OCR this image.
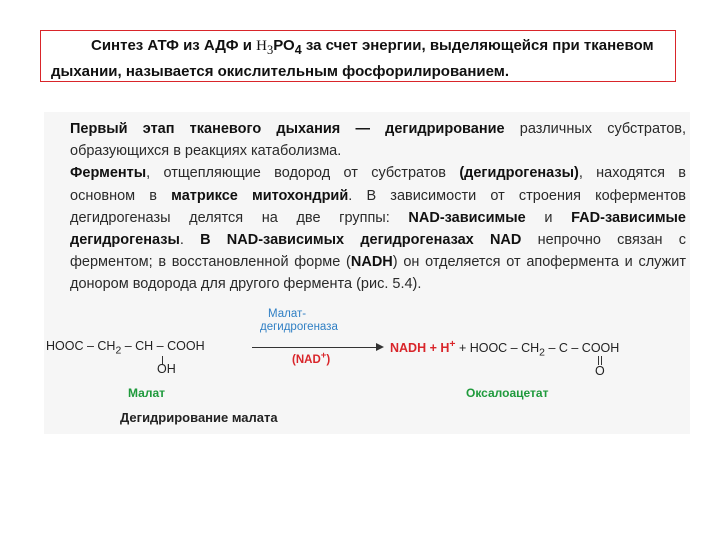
Синтез АТФ из АДФ и $Н_3РО_4$ за счет энергии, выделяющейся при тканевом
дыхании, называется окислительным фосфорилированием.

Первый этап тканевого дыхания — дегидрирование различных субстратов, образующихся в реакциях катаболизма.

Ферменты, отщепляющие водород от субстратов (дегидрогеназы), находятся в основном в матриксе митохондрий. В зависимости от строения коферментов дегидрогеназы делятся на две группы: NAD-зависимые и FAD-зависимые дегидрогеназы. В NAD-зависимых дегидрогеназах NAD непрочно связан с ферментом; в восстановленной форме (NADH) он отделяется от апофермента и служит донором водорода для другого фермента (рис. 5.4).

HOOC – $CH_2$ – CH – COOH
OH
Малат-
дегидрогеназа
(NAD+)
NADH + H+ + HOOC – $CH_2$ – C – COOH
O
Малат	Оксалоацетат
Дегидрирование малата
